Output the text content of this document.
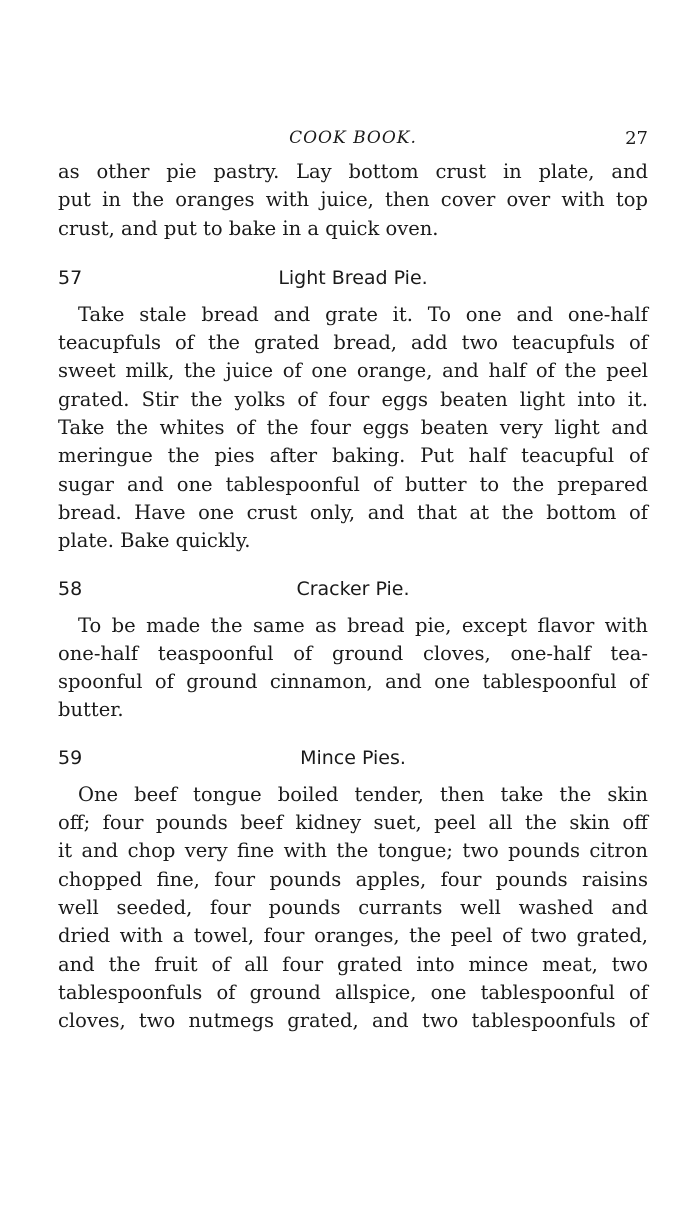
COOK BOOK.	27

as other pie pastry. Lay bottom crust in plate, and
put in the oranges with juice, then cover over with top
crust, and put to bake in a quick oven.

57	Light Bread Pie.

Take stale bread and grate it. To one and one-half
teacupfuls of the grated bread, add two teacupfuls of
sweet milk, the juice of one orange, and half of the peel
grated. Stir the yolks of four eggs beaten light into it.
Take the whites of the four eggs beaten very light and
meringue the pies after baking. Put half teacupful of
sugar and one tablespoonful of butter to the prepared
bread. Have one crust only, and that at the bottom of
plate. Bake quickly.

58	Cracker Pie.

To be made the same as bread pie, except flavor with
one-half teaspoonful of ground cloves, one-half tea-
spoonful of ground cinnamon, and one tablespoonful of
butter.

59	Mince Pies.

One beef tongue boiled tender, then take the skin
off; four pounds beef kidney suet, peel all the skin off
it and chop very fine with the tongue; two pounds citron
chopped fine, four pounds apples, four pounds raisins
well seeded, four pounds currants well washed and
dried with a towel, four oranges, the peel of two grated,
and the fruit of all four grated into mince meat, two
tablespoonfuls of ground allspice, one tablespoonful of
cloves, two nutmegs grated, and two tablespoonfuls of
